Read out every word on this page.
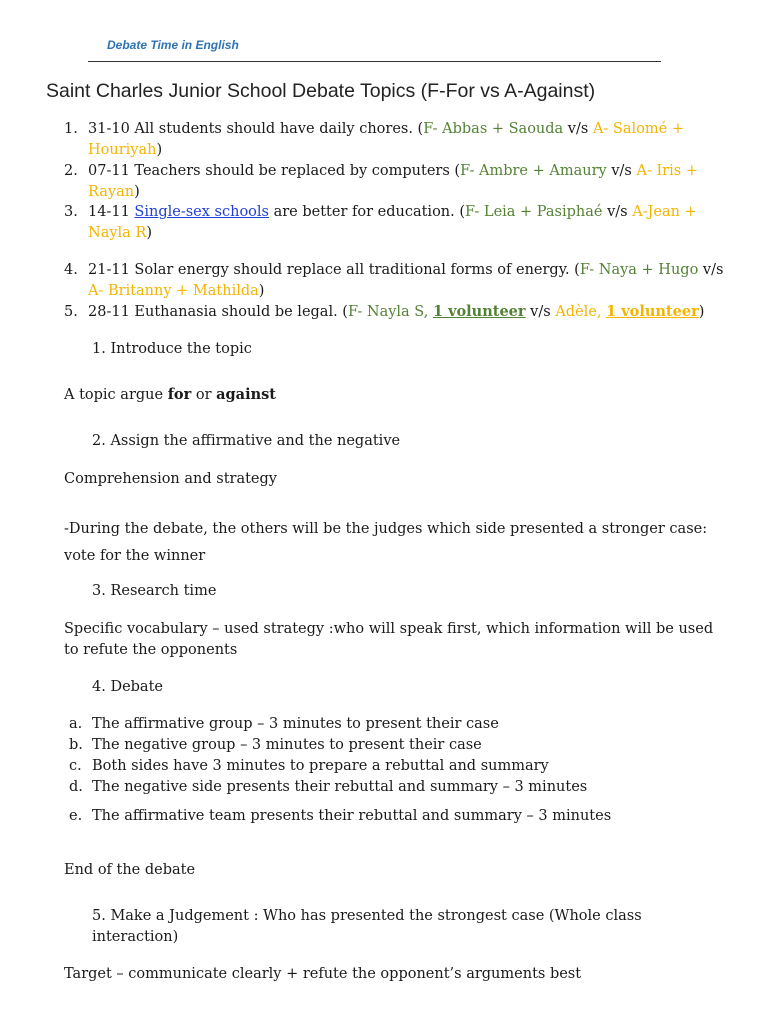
Debate Time in English
Saint Charles Junior School Debate Topics (F-For vs A-Against)
1. 31-10 All students should have daily chores. (F- Abbas + Saouda v/s A- Salomé + Houriyah)
2. 07-11 Teachers should be replaced by computers (F- Ambre + Amaury v/s A- Iris + Rayan)
3. 14-11 Single-sex schools are better for education. (F- Leia + Pasiphaé v/s A-Jean + Nayla R)
4. 21-11 Solar energy should replace all traditional forms of energy. (F- Naya + Hugo v/s A- Britanny + Mathilda)
5. 28-11 Euthanasia should be legal. (F- Nayla S, 1 volunteer v/s Adèle, 1 volunteer)
1. Introduce the topic
A topic argue for or against
2. Assign the affirmative and the negative
Comprehension and strategy
-During the debate, the others will be the judges which side presented a stronger case:
vote for the winner
3. Research time
Specific vocabulary – used strategy :who will speak first, which information will be used to refute the opponents
4. Debate
a. The affirmative group – 3 minutes to present their case
b. The negative group – 3 minutes to present their case
c. Both sides have 3 minutes to prepare a rebuttal and summary
d. The negative side presents their rebuttal and summary – 3 minutes
e. The affirmative team presents their rebuttal and summary – 3 minutes
End of the debate
5. Make a Judgement : Who has presented the strongest case (Whole class interaction)
Target – communicate clearly + refute the opponent’s arguments best
